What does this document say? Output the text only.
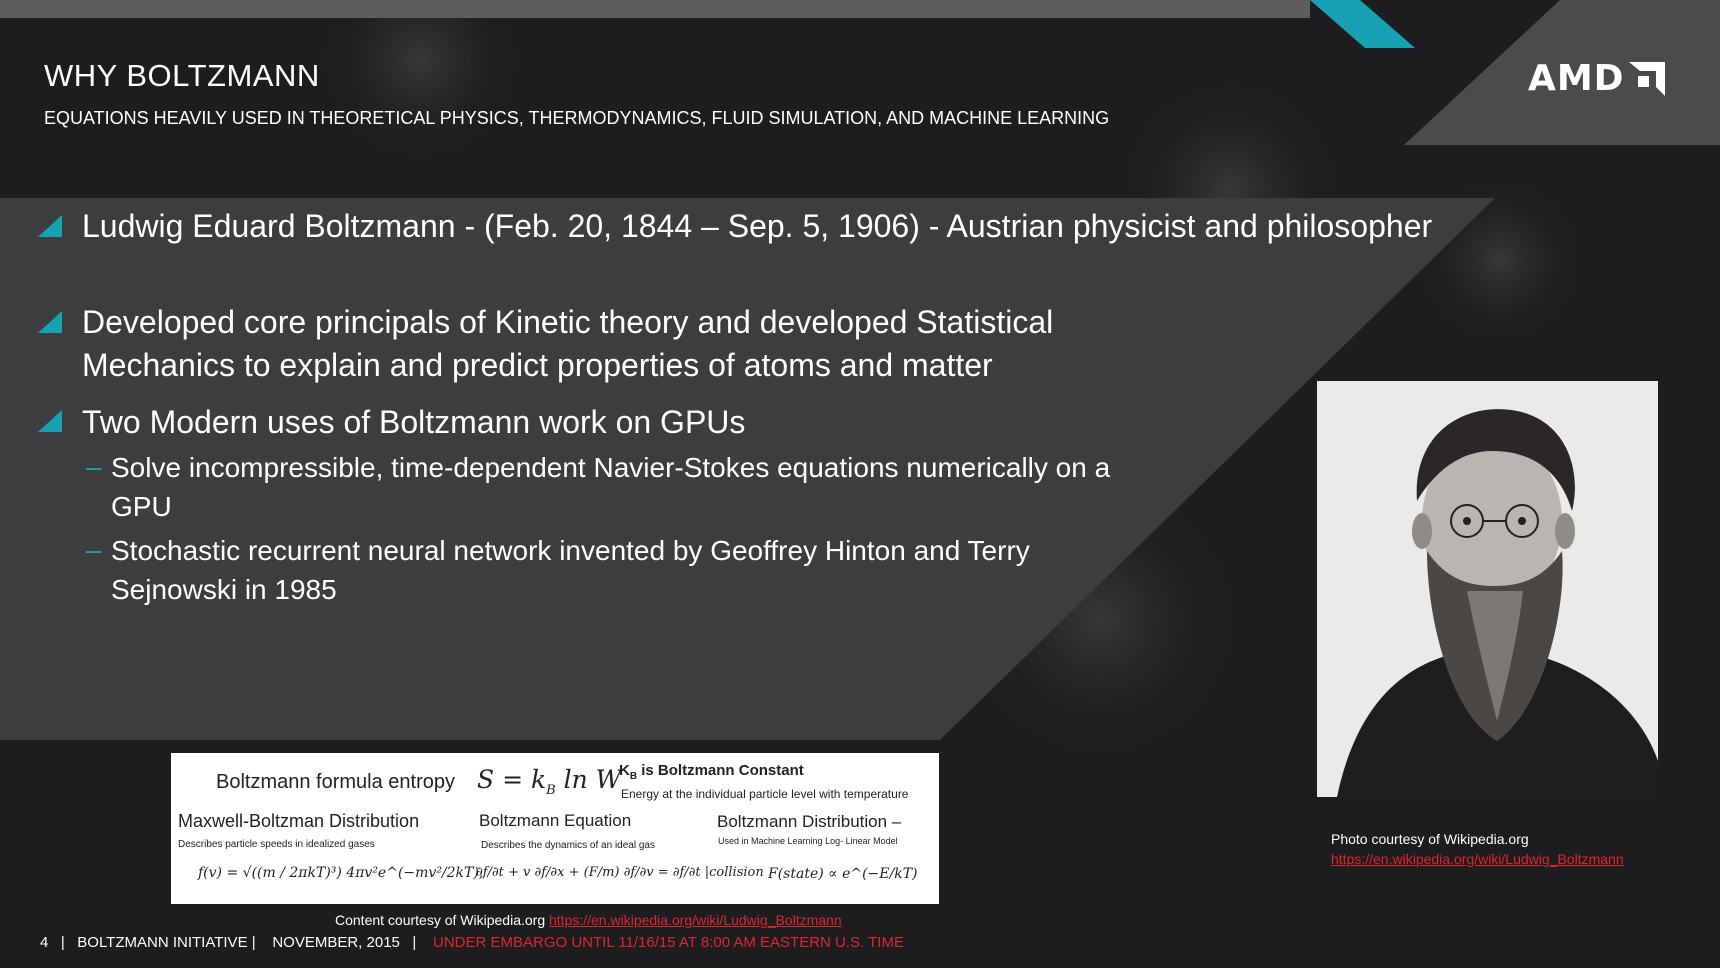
WHY BOLTZMANN
EQUATIONS HEAVILY USED IN THEORETICAL PHYSICS, THERMODYNAMICS, FLUID SIMULATION, AND MACHINE LEARNING
AMD
Ludwig Eduard Boltzmann - (Feb. 20, 1844 – Sep. 5, 1906) - Austrian physicist and philosopher
Developed core principals of Kinetic theory and developed Statistical
Mechanics to explain and predict properties of atoms and matter
Two Modern uses of Boltzmann work on GPUs
– Solve incompressible, time-dependent Navier-Stokes equations numerically on a
GPU
– Stochastic recurrent neural network invented by Geoffrey Hinton and Terry
Sejnowski in 1985
Photo courtesy of Wikipedia.org
https://en.wikipedia.org/wiki/Ludwig_Boltzmann
Boltzmann formula entropy $S = k_B$ ln W
$K_B$ is Boltzmann Constant
Energy at the individual particle level with temperature
Maxwell-Boltzman Distribution
Describes particle speeds in idealized gases
f(v) = √((m / 2πkT)³) 4πv²e^(−mv²/2kT),
Boltzmann Equation
Describes the dynamics of an ideal gas
∂f/∂t + v ∂f/∂x + (F/m) ∂f/∂v = ∂f/∂t |collision
Boltzmann Distribution –
Used in Machine Learning Log- Linear Model
F(state) ∝ e^(−E/kT)
Content courtesy of Wikipedia.org https://en.wikipedia.org/wiki/Ludwig_Boltzmann
4 | BOLTZMANN INITIATIVE | NOVEMBER, 2015 | UNDER EMBARGO UNTIL 11/16/15 AT 8:00 AM EASTERN U.S. TIME
